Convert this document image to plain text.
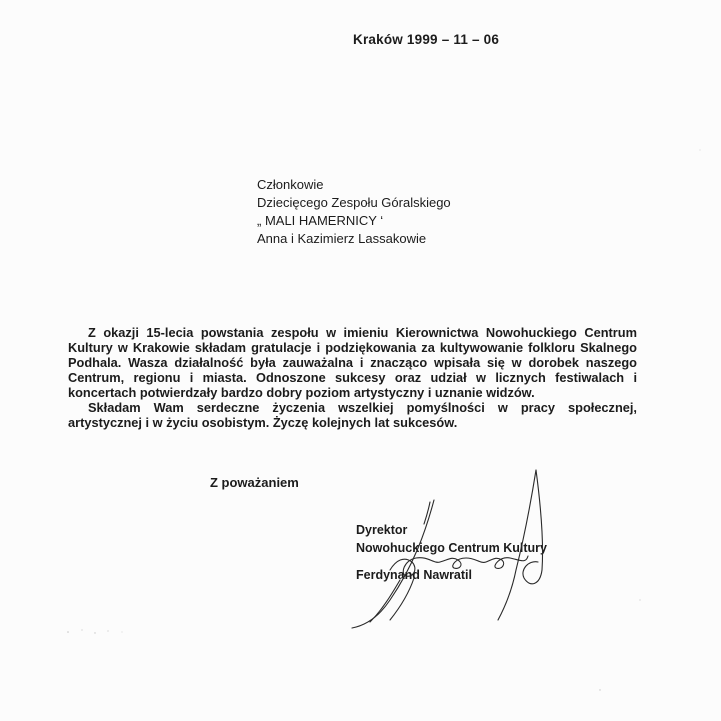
Kraków 1999 – 11 – 06
Członkowie
Dziecięcego Zespołu Góralskiego
„ MALI HAMERNICY ‘
Anna i Kazimierz Lassakowie

Z okazji 15-lecia powstania zespołu w imieniu Kierownictwa Nowohuckiego Centrum Kultury w Krakowie składam gratulacje i podziękowania za kultywowanie folkloru Skalnego Podhala. Wasza działalność była zauważalna i znacząco wpisała się w dorobek naszego Centrum, regionu i miasta. Odnoszone sukcesy oraz udział w licznych festiwalach i koncertach potwierdzały bardzo dobry poziom artystyczny i uznanie widzów.

Składam Wam serdeczne życzenia wszelkiej pomyślności w pracy społecznej, artystycznej i w życiu osobistym. Życzę kolejnych lat sukcesów.

Z poważaniem
Dyrektor
Nowohuckiego Centrum Kultury
Ferdynand Nawratil
